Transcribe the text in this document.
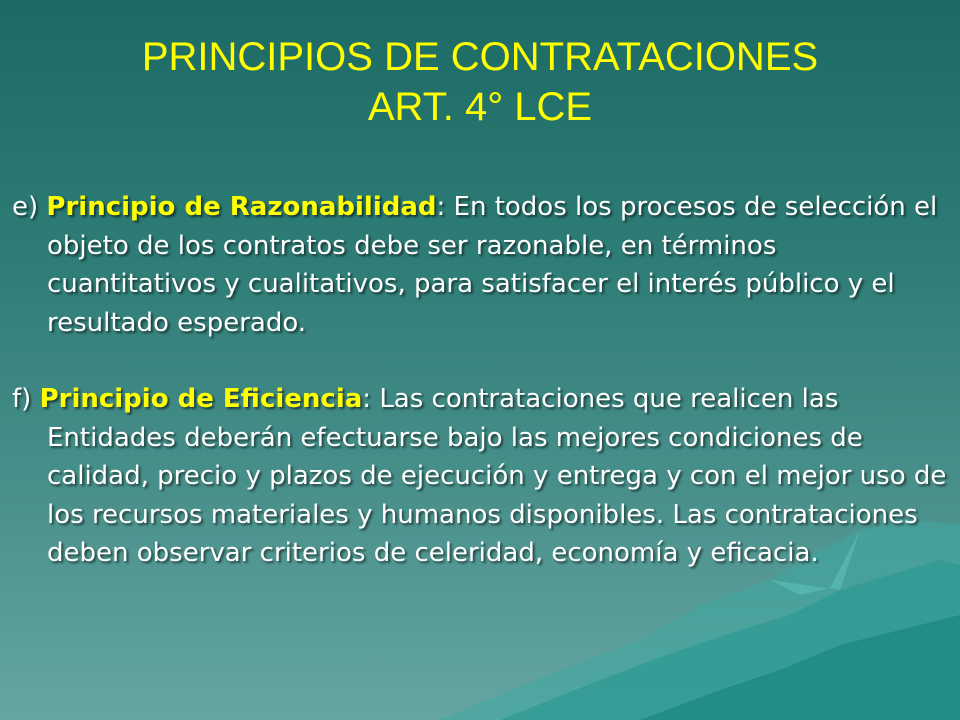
PRINCIPIOS DE CONTRATACIONES
ART. 4° LCE

e) Principio de Razonabilidad: En todos los procesos de selección el objeto de los contratos debe ser razonable, en términos cuantitativos y cualitativos, para satisfacer el interés público y el resultado esperado.

f) Principio de Eficiencia: Las contrataciones que realicen las Entidades deberán efectuarse bajo las mejores condiciones de calidad, precio y plazos de ejecución y entrega y con el mejor uso de los recursos materiales y humanos disponibles. Las contrataciones deben observar criterios de celeridad, economía y eficacia.
